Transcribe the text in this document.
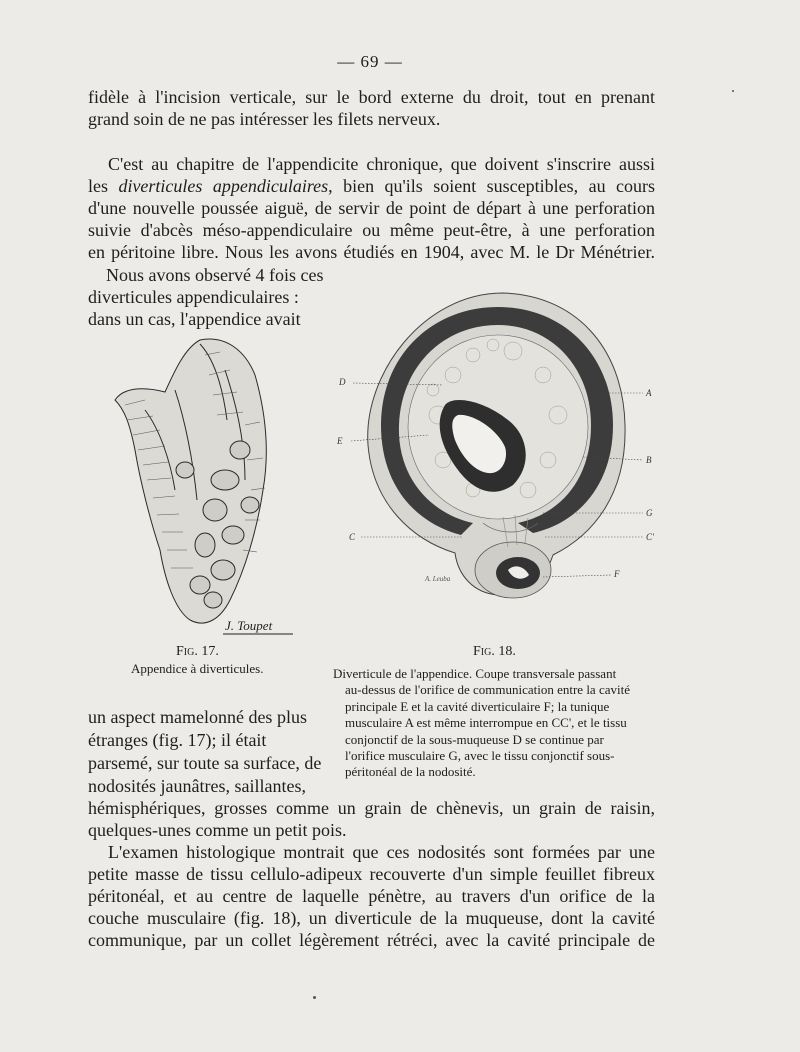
— 69 —
fidèle à l'incision verticale, sur le bord externe du droit, tout en prenant
grand soin de ne pas intéresser les filets nerveux.
C'est au chapitre de l'appendicite chronique, que doivent s'inscrire aussi
les diverticules appendiculaires, bien qu'ils soient susceptibles, au cours
d'une nouvelle poussée aiguë, de servir de point de départ à une perforation
suivie d'abcès méso-appendiculaire ou même peut-être, à une perforation
en péritoine libre. Nous les avons étudiés en 1904, avec M. le Dr Ménétrier.
Nous avons observé 4 fois ces
diverticules appendiculaires :
dans un cas, l'appendice avait
J. Toupet
D
E
C
A
B
G
C'
F
A. Leuba
Fig. 17.
Appendice à diverticules.
Fig. 18.
Diverticule de l'appendice. Coupe transversale passant
au-dessus de l'orifice de communication entre la cavité
principale E et la cavité diverticulaire F; la tunique
musculaire A est même interrompue en CC', et le tissu
conjonctif de la sous-muqueuse D se continue par
l'orifice musculaire G, avec le tissu conjonctif sous-
péritonéal de la nodosité.
un aspect mamelonné des plus
étranges (fig. 17); il était
parsemé, sur toute sa surface, de
nodosités jaunâtres, saillantes,
hémisphériques, grosses comme un grain de chènevis, un grain de raisin,
quelques-unes comme un petit pois.
L'examen histologique montrait que ces nodosités sont formées par une
petite masse de tissu cellulo-adipeux recouverte d'un simple feuillet fibreux
péritonéal, et au centre de laquelle pénètre, au travers d'un orifice de la
couche musculaire (fig. 18), un diverticule de la muqueuse, dont la cavité
communique, par un collet légèrement rétréci, avec la cavité principale de
